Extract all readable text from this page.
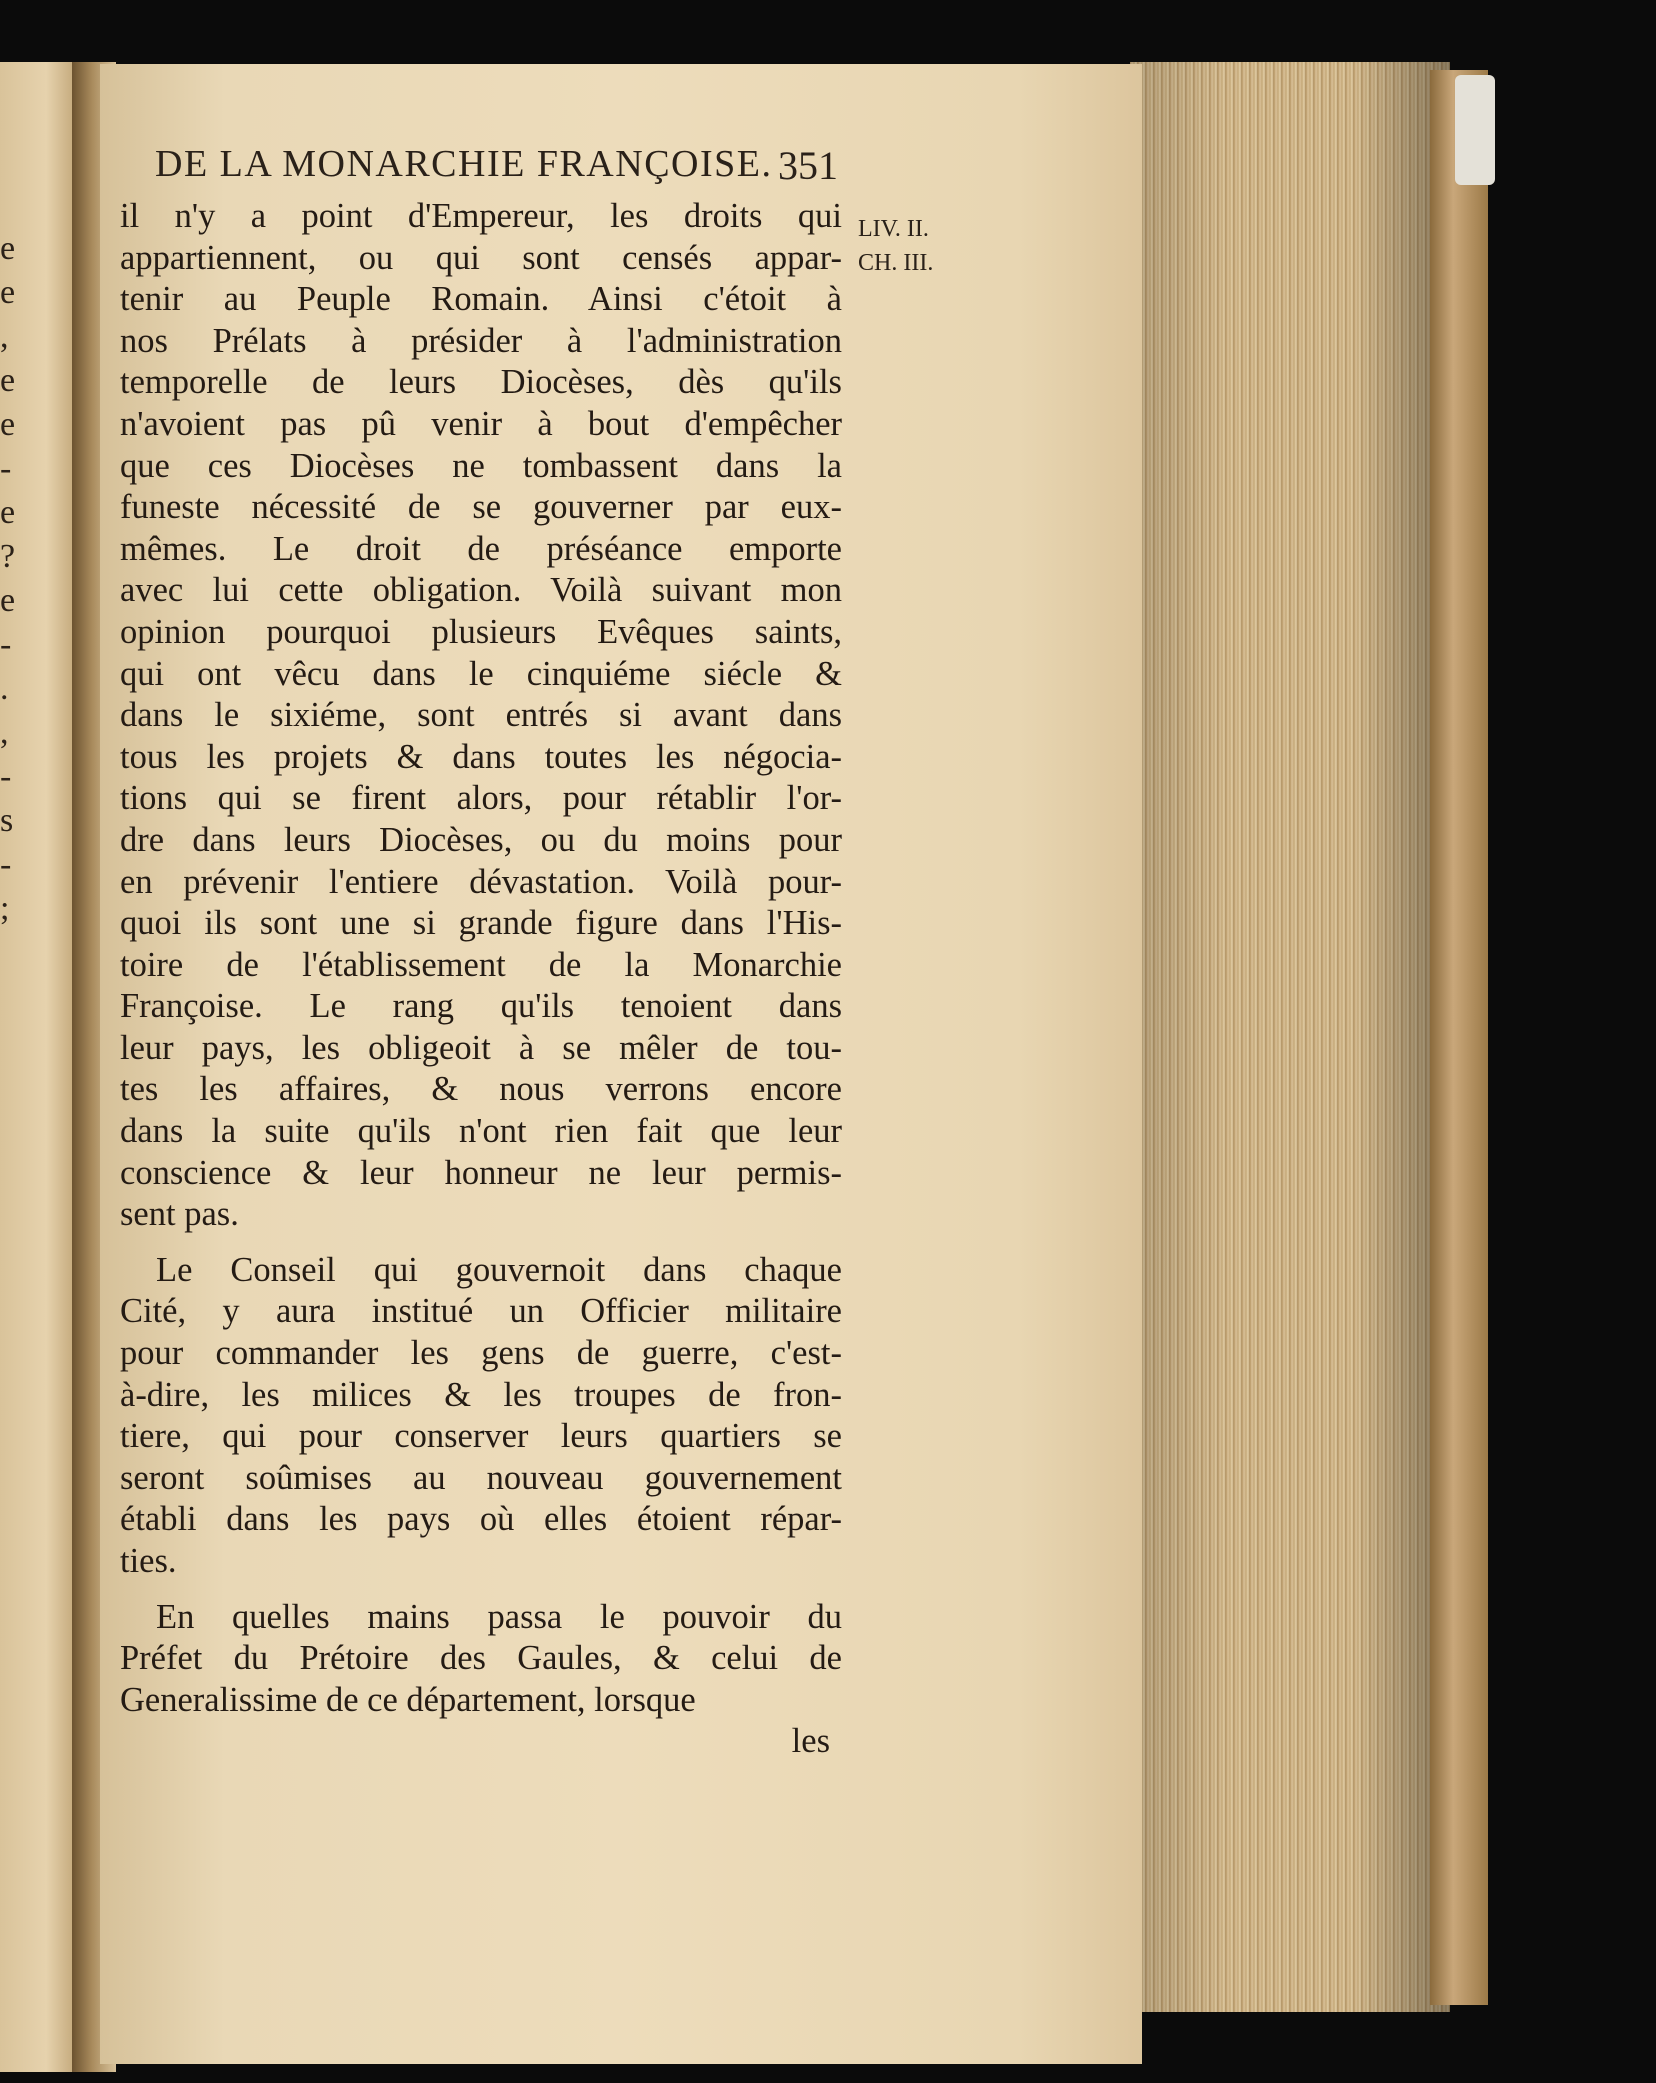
e
e
,
e
e
-
e
?
e
-
.
,
-
s
-
;
DE LA MONARCHIE FRANÇOISE. 351
LIV. II.
CH. III.
il n'y a point d'Empereur, les droits qui
appartiennent, ou qui sont censés appar-
tenir au Peuple Romain. Ainsi c'étoit à
nos Prélats à présider à l'administration
temporelle de leurs Diocèses, dès qu'ils
n'avoient pas pû venir à bout d'empêcher
que ces Diocèses ne tombassent dans la
funeste nécessité de se gouverner par eux-
mêmes. Le droit de préséance emporte
avec lui cette obligation. Voilà suivant mon
opinion pourquoi plusieurs Evêques saints,
qui ont vêcu dans le cinquiéme siécle &
dans le sixiéme, sont entrés si avant dans
tous les projets & dans toutes les négocia-
tions qui se firent alors, pour rétablir l'or-
dre dans leurs Diocèses, ou du moins pour
en prévenir l'entiere dévastation. Voilà pour-
quoi ils sont une si grande figure dans l'His-
toire de l'établissement de la Monarchie
Françoise. Le rang qu'ils tenoient dans
leur pays, les obligeoit à se mêler de tou-
tes les affaires, & nous verrons encore
dans la suite qu'ils n'ont rien fait que leur
conscience & leur honneur ne leur permis-
sent pas.
Le Conseil qui gouvernoit dans chaque
Cité, y aura institué un Officier militaire
pour commander les gens de guerre, c'est-
à-dire, les milices & les troupes de fron-
tiere, qui pour conserver leurs quartiers se
seront soûmises au nouveau gouvernement
établi dans les pays où elles étoient répar-
ties.
En quelles mains passa le pouvoir du
Préfet du Prétoire des Gaules, & celui de
Generalissime de ce département, lorsque
les
